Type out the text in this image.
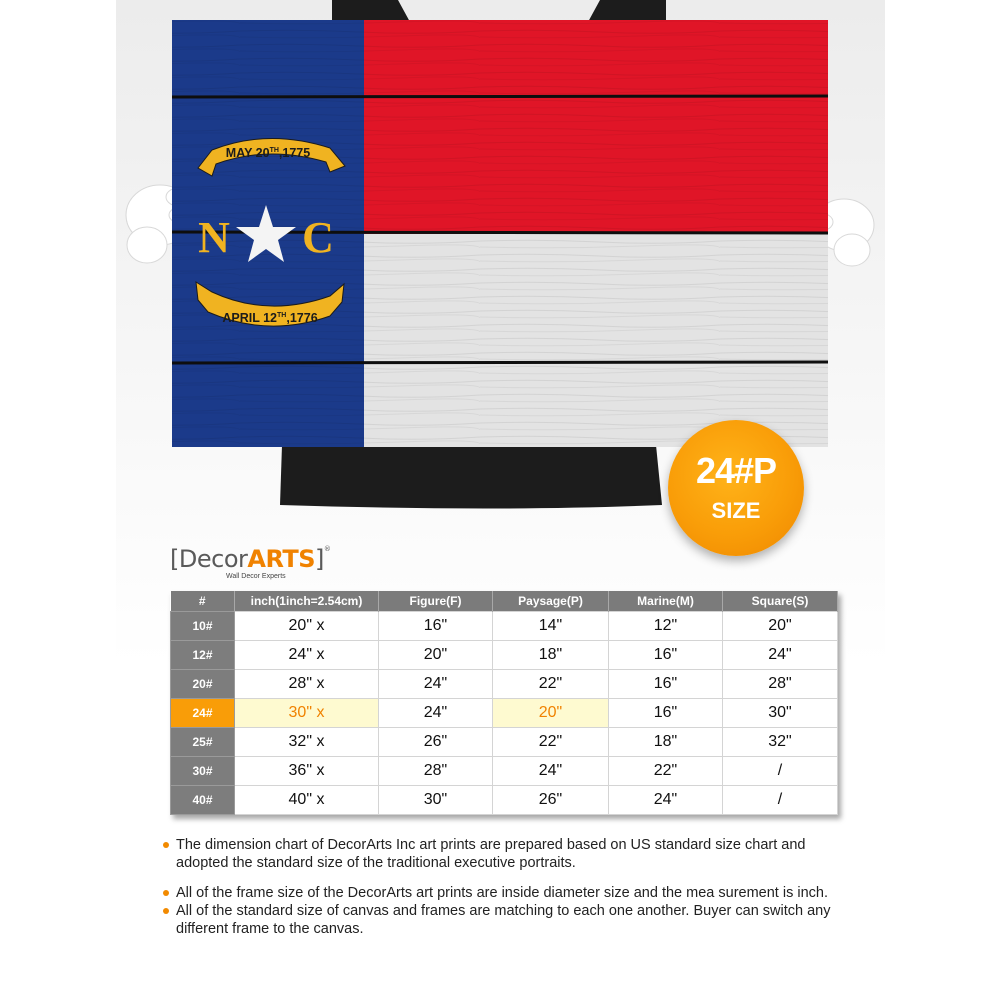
MAY 20TH,1775
N C
APRIL 12TH,1776
24#P
SIZE
[DecorARTS]®
Wall Decor Experts
#	inch(1inch=2.54cm)	Figure(F)	Paysage(P)	Marine(M)	Square(S)
10#	20" x	16"	14"	12"	20"
12#	24" x	20"	18"	16"	24"
20#	28" x	24"	22"	16"	28"
24#	30" x	24"	20"	16"	30"
25#	32" x	26"	22"	18"	32"
30#	36" x	28"	24"	22"	/
40#	40" x	30"	26"	24"	/
The dimension chart of DecorArts Inc art prints are prepared based on US standard size chart and adopted the standard size of the traditional executive portraits.
All of the frame size of the DecorArts art prints are inside diameter size and the mea surement is inch.
All of the standard size of canvas and frames are matching to each one another. Buyer can switch any different frame to the canvas.
